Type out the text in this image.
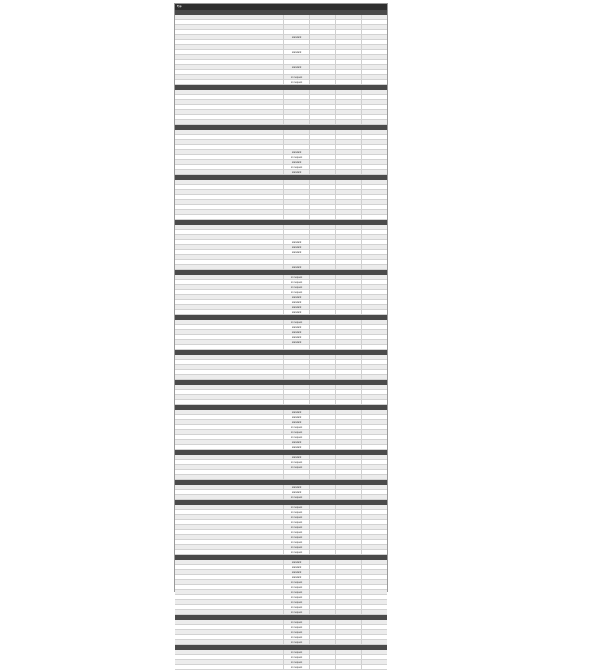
Typ
standard
standard
standard
on request
on request
standard
on request
standard
on request
standard
standard
standard
standard
standard
on request
on request
on request
on request
standard
standard
standard
standard
on request
standard
standard
standard
standard
standard
standard
standard
on request
on request
on request
standard
standard
standard
on request
on request
standard
standard
on request
on request
on request
on request
on request
on request
on request
on request
on request
on request
on request
standard
standard
standard
standard
on request
on request
on request
on request
on request
on request
on request
on request
on request
on request
on request
on request
on request
on request
on request
on request
